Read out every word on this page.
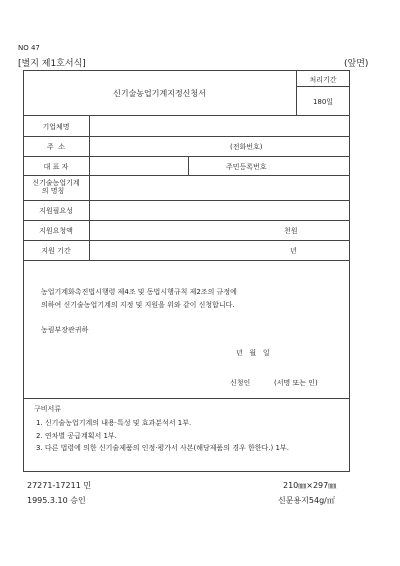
NO 47
[별지 제1호서식]	(앞면)
신기술농업기계지정신청서
처리기간
180일
기업체명
주  소	(전화번호)
대 표 자	주민등록번호
신기술농업기계
의 명칭
지원필요성
지원요청액	천원
지원 기간	년
농업기계화촉진법시행령 제4조 및 동법시행규칙 제2조의 규정에
의하여 신기술농업기계의 지정 및 지원을 위와 같이 신청합니다.
농림부장관귀하
년   월   일
신청인	(서명 또는 인)
구비서류
1. 신기술농업기계의 내용·특성 및 효과분석서 1부.
2. 연차별 공급계획서 1부.
3. 다른 법령에 의한 신기술제품의 인정·평가서 사본(해당제품의 경우 한한다.) 1부.
27271-17211 민
1995.3.10 승인
210㎜×297㎜
신문용지54g/㎡
